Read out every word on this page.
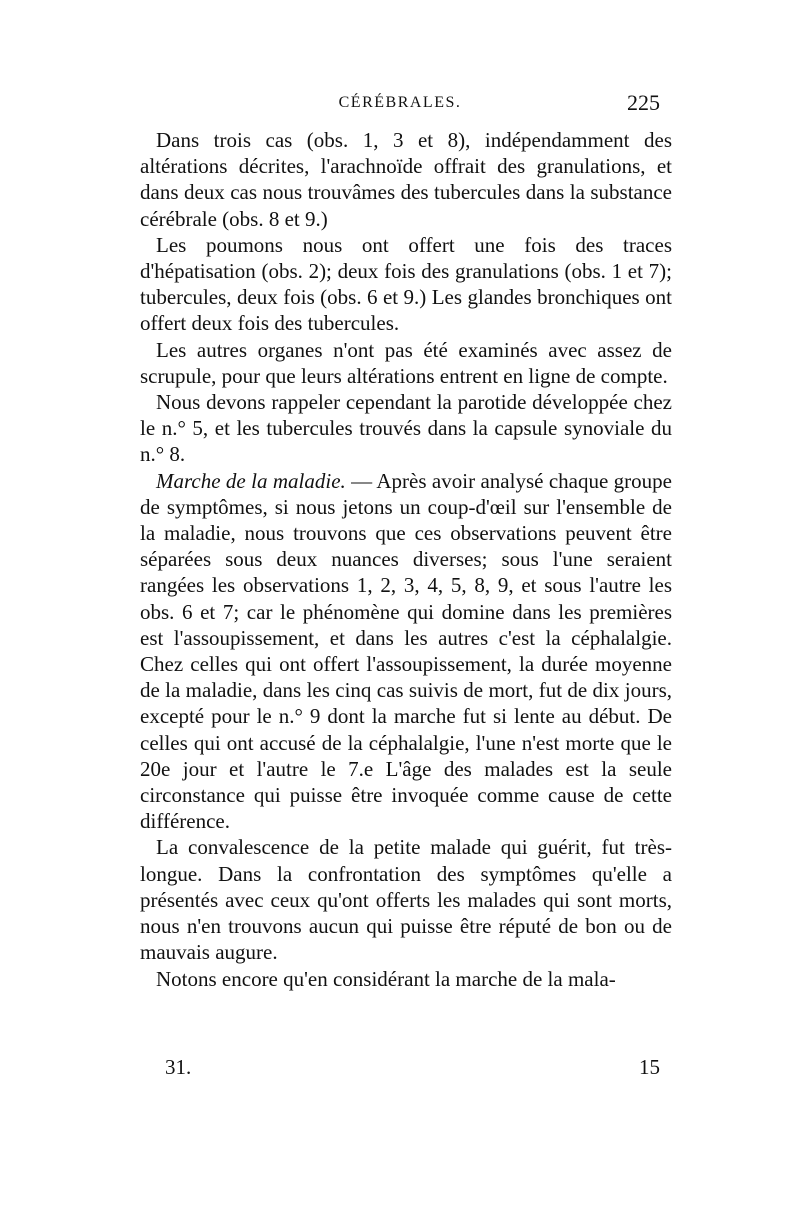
CÉRÉBRALES.	225

Dans trois cas (obs. 1, 3 et 8), indépendamment des altérations décrites, l'arachnoïde offrait des granulations, et dans deux cas nous trouvâmes des tubercules dans la substance cérébrale (obs. 8 et 9.)

Les poumons nous ont offert une fois des traces d'hépatisation (obs. 2); deux fois des granulations (obs. 1 et 7); tubercules, deux fois (obs. 6 et 9.) Les glandes bronchiques ont offert deux fois des tubercules.

Les autres organes n'ont pas été examinés avec assez de scrupule, pour que leurs altérations entrent en ligne de compte.

Nous devons rappeler cependant la parotide développée chez le n.° 5, et les tubercules trouvés dans la capsule synoviale du n.° 8.

Marche de la maladie. — Après avoir analysé chaque groupe de symptômes, si nous jetons un coup-d'œil sur l'ensemble de la maladie, nous trouvons que ces observations peuvent être séparées sous deux nuances diverses; sous l'une seraient rangées les observations 1, 2, 3, 4, 5, 8, 9, et sous l'autre les obs. 6 et 7; car le phénomène qui domine dans les premières est l'assoupissement, et dans les autres c'est la céphalalgie. Chez celles qui ont offert l'assoupissement, la durée moyenne de la maladie, dans les cinq cas suivis de mort, fut de dix jours, excepté pour le n.° 9 dont la marche fut si lente au début. De celles qui ont accusé de la céphalalgie, l'une n'est morte que le 20e jour et l'autre le 7.e L'âge des malades est la seule circonstance qui puisse être invoquée comme cause de cette différence.

La convalescence de la petite malade qui guérit, fut très-longue. Dans la confrontation des symptômes qu'elle a présentés avec ceux qu'ont offerts les malades qui sont morts, nous n'en trouvons aucun qui puisse être réputé de bon ou de mauvais augure.

Notons encore qu'en considérant la marche de la mala-

31.	15
